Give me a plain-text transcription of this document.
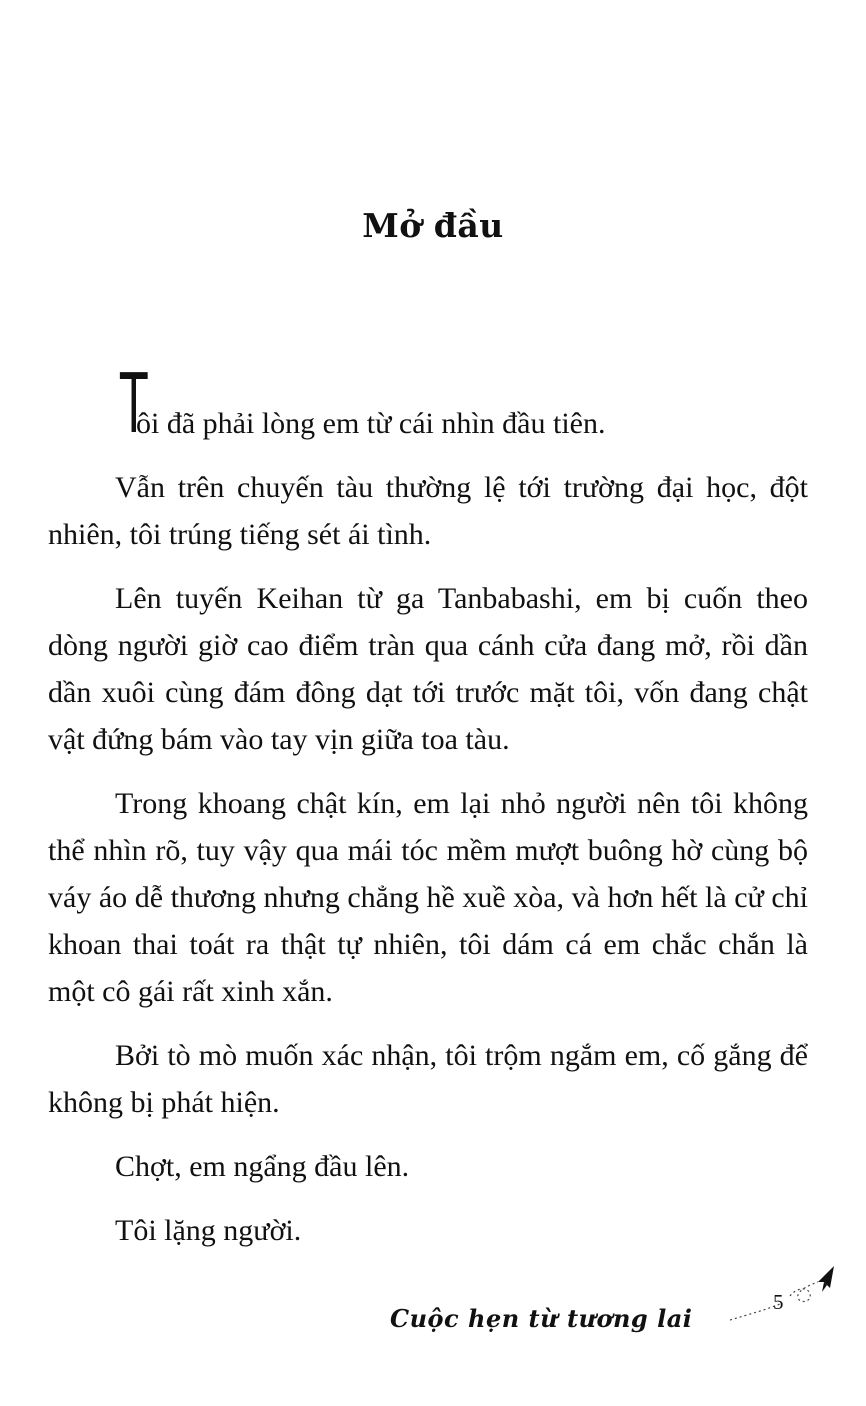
Mở đầu

T
ôi đã phải lòng em từ cái nhìn đầu tiên.

Vẫn trên chuyến tàu thường lệ tới trường đại học, đột nhiên, tôi trúng tiếng sét ái tình.

Lên tuyến Keihan từ ga Tanbabashi, em bị cuốn theo dòng người giờ cao điểm tràn qua cánh cửa đang mở, rồi dần dần xuôi cùng đám đông dạt tới trước mặt tôi, vốn đang chật vật đứng bám vào tay vịn giữa toa tàu.

Trong khoang chật kín, em lại nhỏ người nên tôi không thể nhìn rõ, tuy vậy qua mái tóc mềm mượt buông hờ cùng bộ váy áo dễ thương nhưng chẳng hề xuề xòa, và hơn hết là cử chỉ khoan thai toát ra thật tự nhiên, tôi dám cá em chắc chắn là một cô gái rất xinh xắn.

Bởi tò mò muốn xác nhận, tôi trộm ngắm em, cố gắng để không bị phát hiện.

Chợt, em ngẩng đầu lên.

Tôi lặng người.

Cuộc hẹn từ tương lai
5
